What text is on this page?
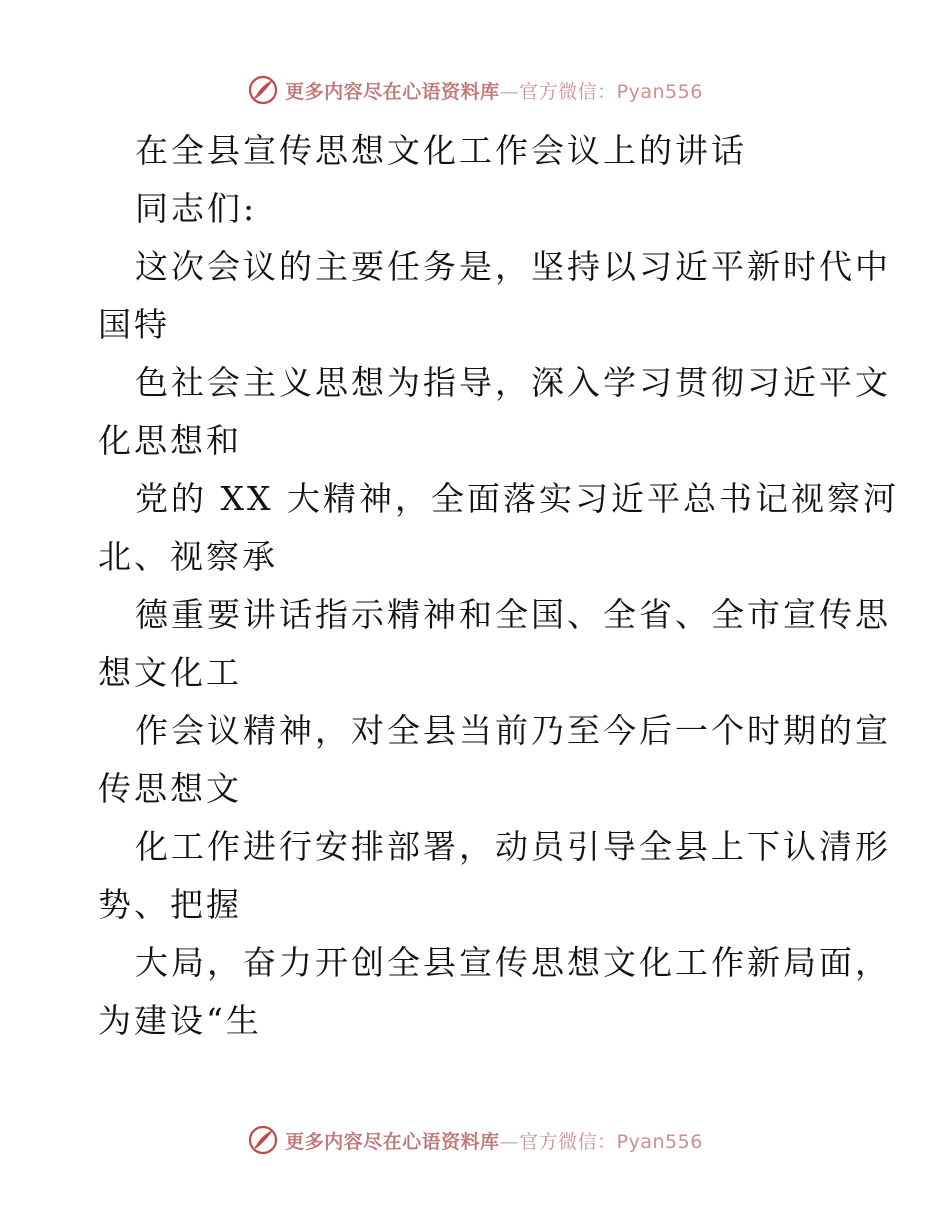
更多内容尽在心语资料库—官方微信：Pyan556
在全县宣传思想文化工作会议上的讲话
同志们:
这次会议的主要任务是，坚持以习近平新时代中
国特
色社会主义思想为指导，深入学习贯彻习近平文
化思想和
党的 XX 大精神，全面落实习近平总书记视察河
北、视察承
德重要讲话指示精神和全国、全省、全市宣传思
想文化工
作会议精神，对全县当前乃至今后一个时期的宣
传思想文
化工作进行安排部署，动员引导全县上下认清形
势、把握
大局，奋力开创全县宣传思想文化工作新局面，
为建设“生
更多内容尽在心语资料库—官方微信：Pyan556
